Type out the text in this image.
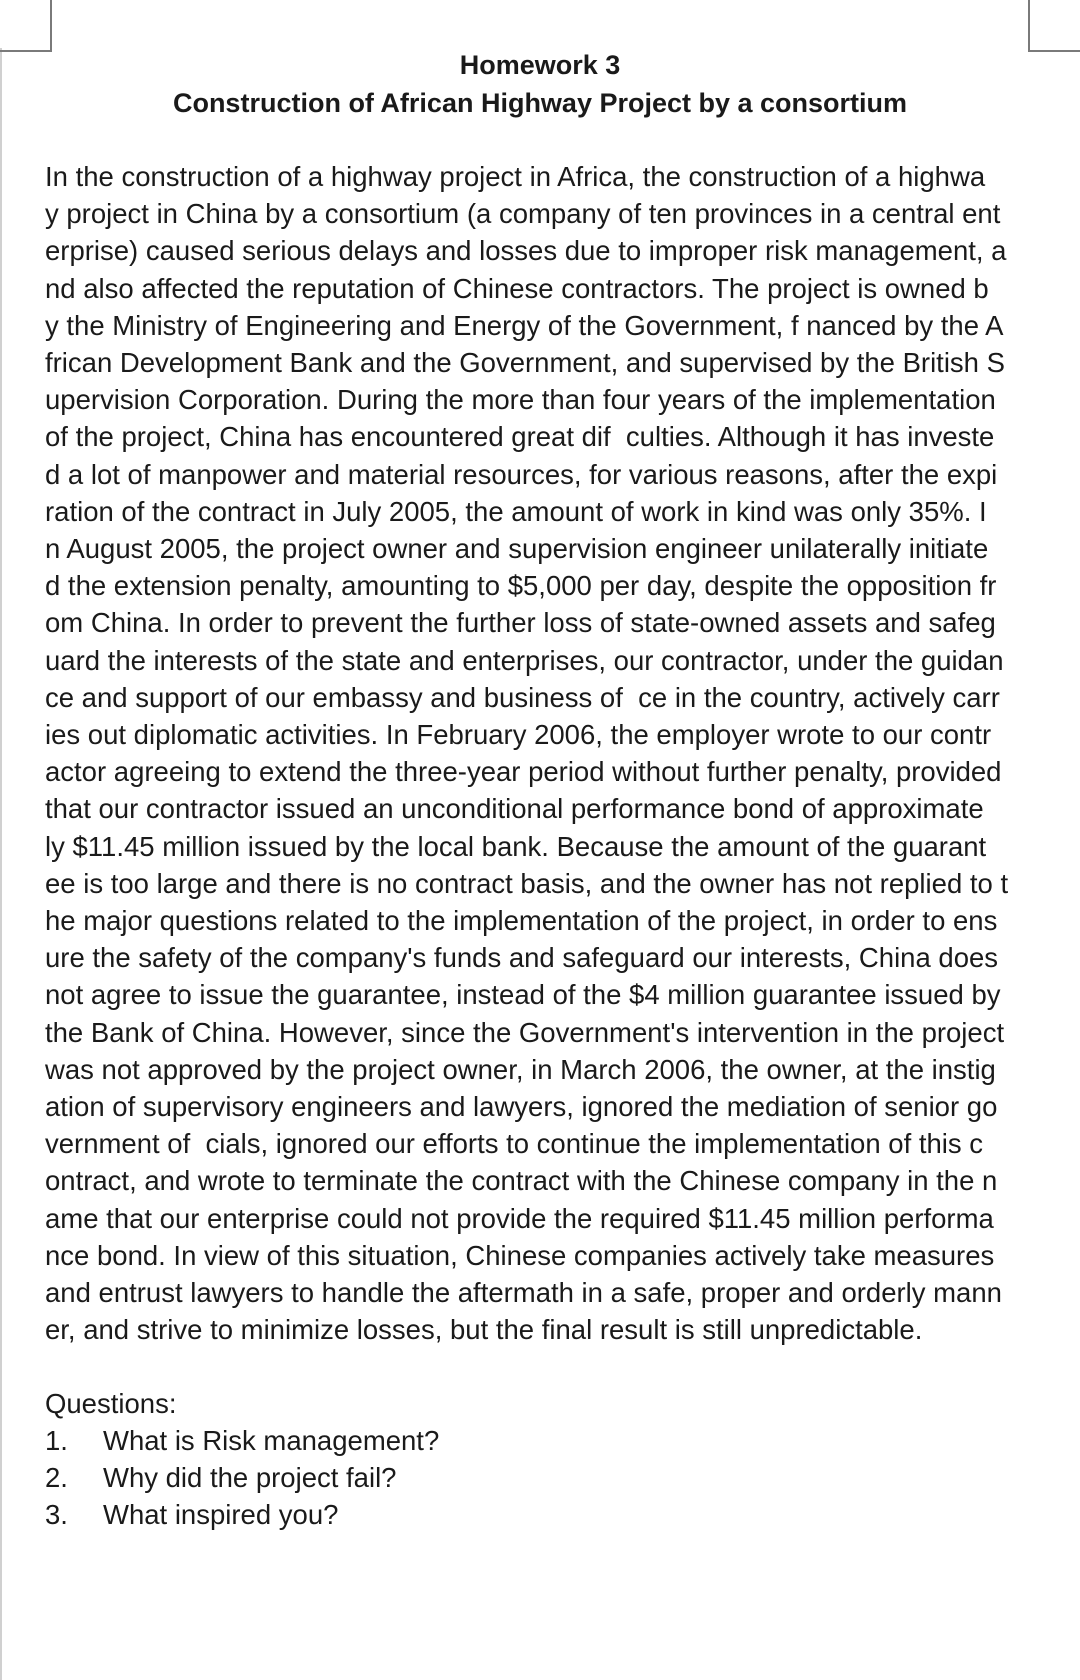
Homework 3
Construction of African Highway Project by a consortium
In the construction of a highway project in Africa, the construction of a highwa
y project in China by a consortium (a company of ten provinces in a central ent
erprise) caused serious delays and losses due to improper risk management, a
nd also affected the reputation of Chinese contractors. The project is owned b
y the Ministry of Engineering and Energy of the Government, f nanced by the A
frican Development Bank and the Government, and supervised by the British S
upervision Corporation. During the more than four years of the implementation
of the project, China has encountered great dif  culties. Although it has investe
d a lot of manpower and material resources, for various reasons, after the expi
ration of the contract in July 2005, the amount of work in kind was only 35%. I
n August 2005, the project owner and supervision engineer unilaterally initiate
d the extension penalty, amounting to $5,000 per day, despite the opposition fr
om China. In order to prevent the further loss of state-owned assets and safeg
uard the interests of the state and enterprises, our contractor, under the guidan
ce and support of our embassy and business of  ce in the country, actively carr
ies out diplomatic activities. In February 2006, the employer wrote to our contr
actor agreeing to extend the three-year period without further penalty, provided
that our contractor issued an unconditional performance bond of approximate
ly $11.45 million issued by the local bank. Because the amount of the guarant
ee is too large and there is no contract basis, and the owner has not replied to t
he major questions related to the implementation of the project, in order to ens
ure the safety of the company's funds and safeguard our interests, China does
not agree to issue the guarantee, instead of the $4 million guarantee issued by
the Bank of China. However, since the Government's intervention in the project
was not approved by the project owner, in March 2006, the owner, at the instig
ation of supervisory engineers and lawyers, ignored the mediation of senior go
vernment of  cials, ignored our efforts to continue the implementation of this c
ontract, and wrote to terminate the contract with the Chinese company in the n
ame that our enterprise could not provide the required $11.45 million performa
nce bond. In view of this situation, Chinese companies actively take measures
and entrust lawyers to handle the aftermath in a safe, proper and orderly mann
er, and strive to minimize losses, but the final result is still unpredictable.
Questions:
1.	What is Risk management?
2.	Why did the project fail?
3.	What inspired you?
